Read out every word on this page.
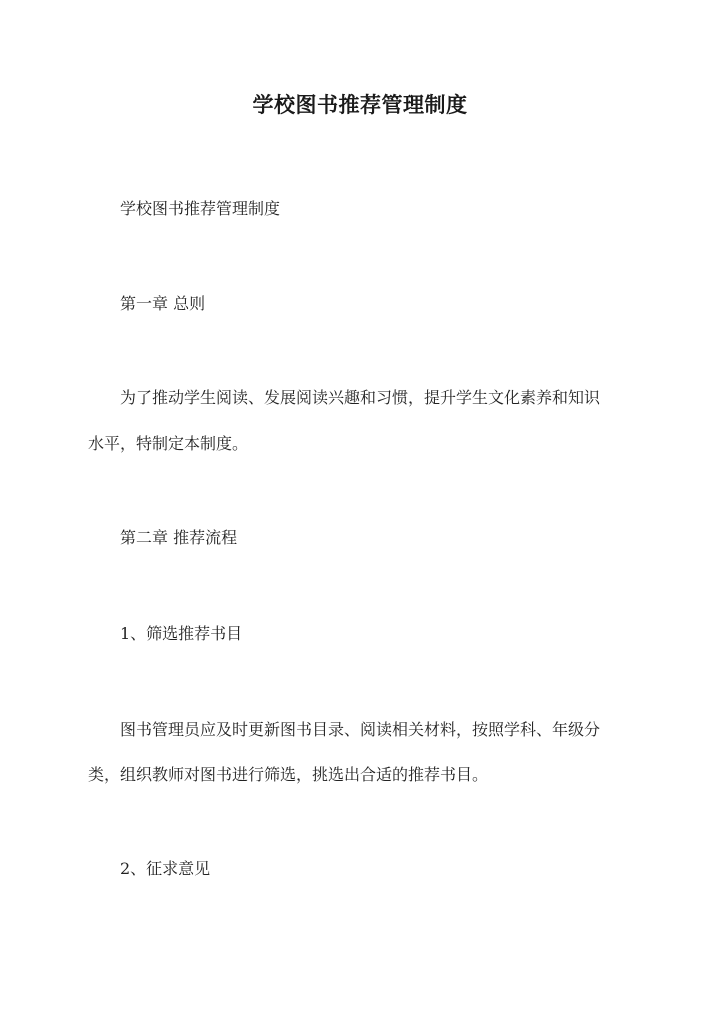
学校图书推荐管理制度
学校图书推荐管理制度
第一章 总则
为了推动学生阅读、发展阅读兴趣和习惯，提升学生文化素养和知识
水平，特制定本制度。
第二章 推荐流程
1、筛选推荐书目
图书管理员应及时更新图书目录、阅读相关材料，按照学科、年级分
类，组织教师对图书进行筛选，挑选出合适的推荐书目。
2、征求意见
